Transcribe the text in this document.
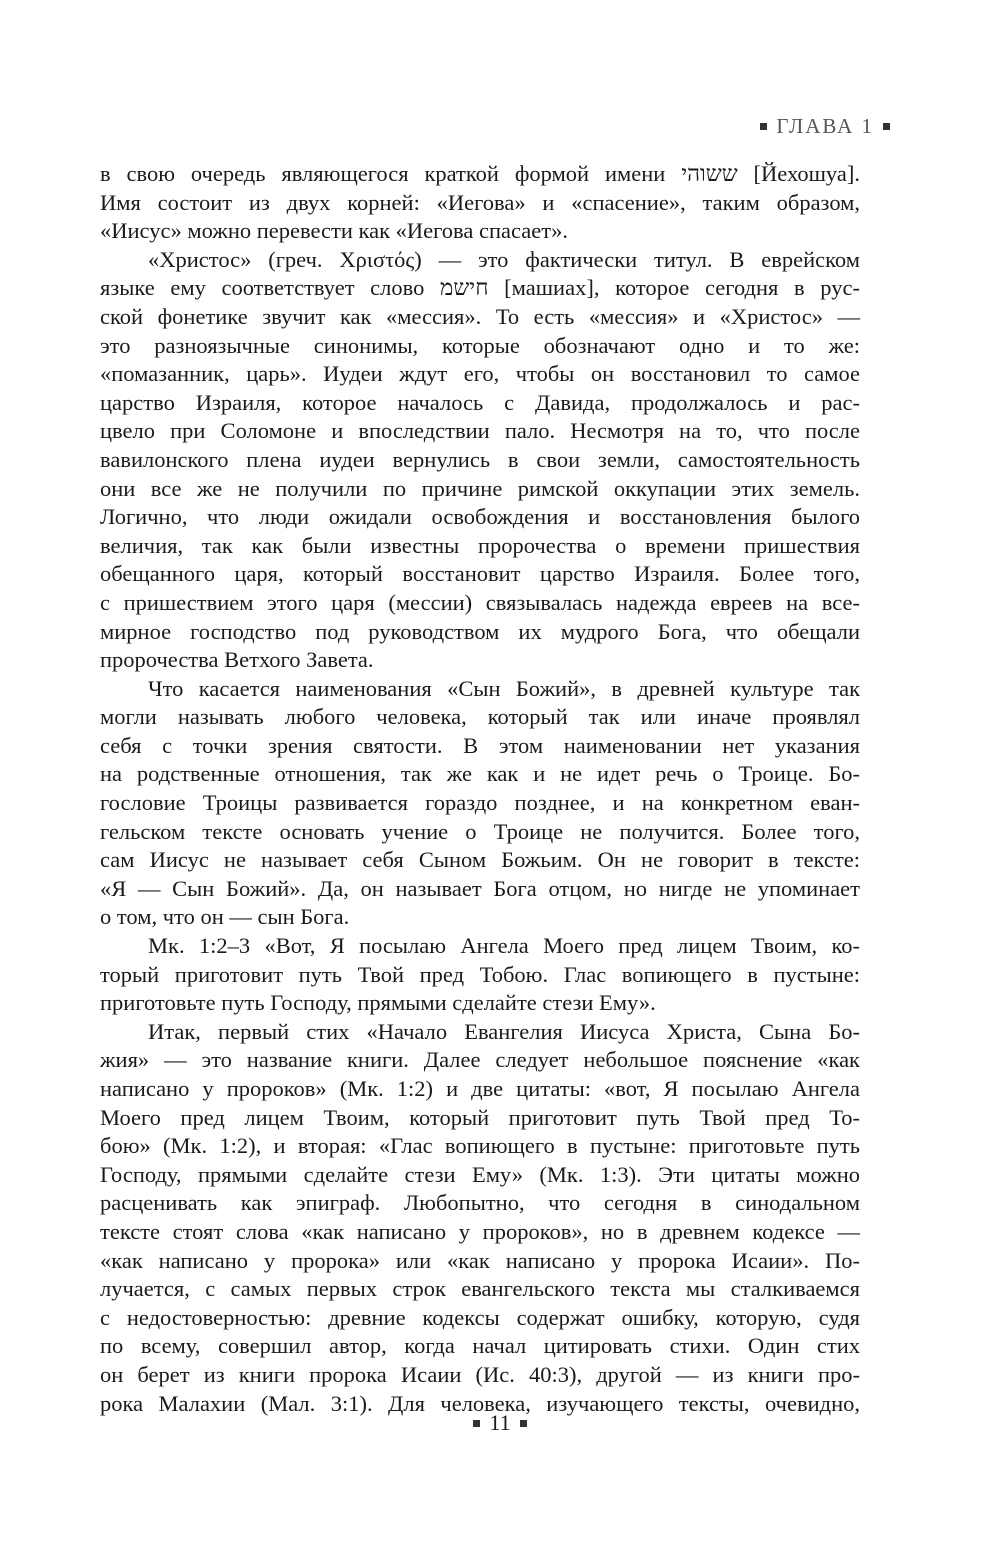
ГЛАВА 1

в свою очередь являющегося краткой формой имени ששוהי [Йехошуа].
Имя состоит из двух корней: «Иегова» и «спасение», таким образом,
«Иисус» можно перевести как «Иегова спасает».

«Христос» (греч. Χριστός) — это фактически титул. В еврейском
языке ему соответствует слово חישמ [машиах], которое сегодня в рус-
ской фонетике звучит как «мессия». То есть «мессия» и «Христос» —
это разноязычные синонимы, которые обозначают одно и то же:
«помазанник, царь». Иудеи ждут его, чтобы он восстановил то самое
царство Израиля, которое началось с Давида, продолжалось и рас-
цвело при Соломоне и впоследствии пало. Несмотря на то, что после
вавилонского плена иудеи вернулись в свои земли, самостоятельность
они все же не получили по причине римской оккупации этих земель.
Логично, что люди ожидали освобождения и восстановления былого
величия, так как были известны пророчества о времени пришествия
обещанного царя, который восстановит царство Израиля. Более того,
с пришествием этого царя (мессии) связывалась надежда евреев на все-
мирное господство под руководством их мудрого Бога, что обещали
пророчества Ветхого Завета.

Что касается наименования «Сын Божий», в древней культуре так
могли называть любого человека, который так или иначе проявлял
себя с точки зрения святости. В этом наименовании нет указания
на родственные отношения, так же как и не идет речь о Троице. Бо-
гословие Троицы развивается гораздо позднее, и на конкретном еван-
гельском тексте основать учение о Троице не получится. Более того,
сам Иисус не называет себя Сыном Божьим. Он не говорит в тексте:
«Я — Сын Божий». Да, он называет Бога отцом, но нигде не упоминает
о том, что он — сын Бога.

Мк. 1:2–3 «Вот, Я посылаю Ангела Моего пред лицем Твоим, ко-
торый приготовит путь Твой пред Тобою. Глас вопиющего в пустыне:
приготовьте путь Господу, прямыми сделайте стези Ему».

Итак, первый стих «Начало Евангелия Иисуса Христа, Сына Бо-
жия» — это название книги. Далее следует небольшое пояснение «как
написано у пророков» (Мк. 1:2) и две цитаты: «вот, Я посылаю Ангела
Моего пред лицем Твоим, который приготовит путь Твой пред То-
бою» (Мк. 1:2), и вторая: «Глас вопиющего в пустыне: приготовьте путь
Господу, прямыми сделайте стези Ему» (Мк. 1:3). Эти цитаты можно
расценивать как эпиграф. Любопытно, что сегодня в синодальном
тексте стоят слова «как написано у пророков», но в древнем кодексе —
«как написано у пророка» или «как написано у пророка Исаии». По-
лучается, с самых первых строк евангельского текста мы сталкиваемся
с недостоверностью: древние кодексы содержат ошибку, которую, судя
по всему, совершил автор, когда начал цитировать стихи. Один стих
он берет из книги пророка Исаии (Ис. 40:3), другой — из книги про-
рока Малахии (Мал. 3:1). Для человека, изучающего тексты, очевидно,

11
